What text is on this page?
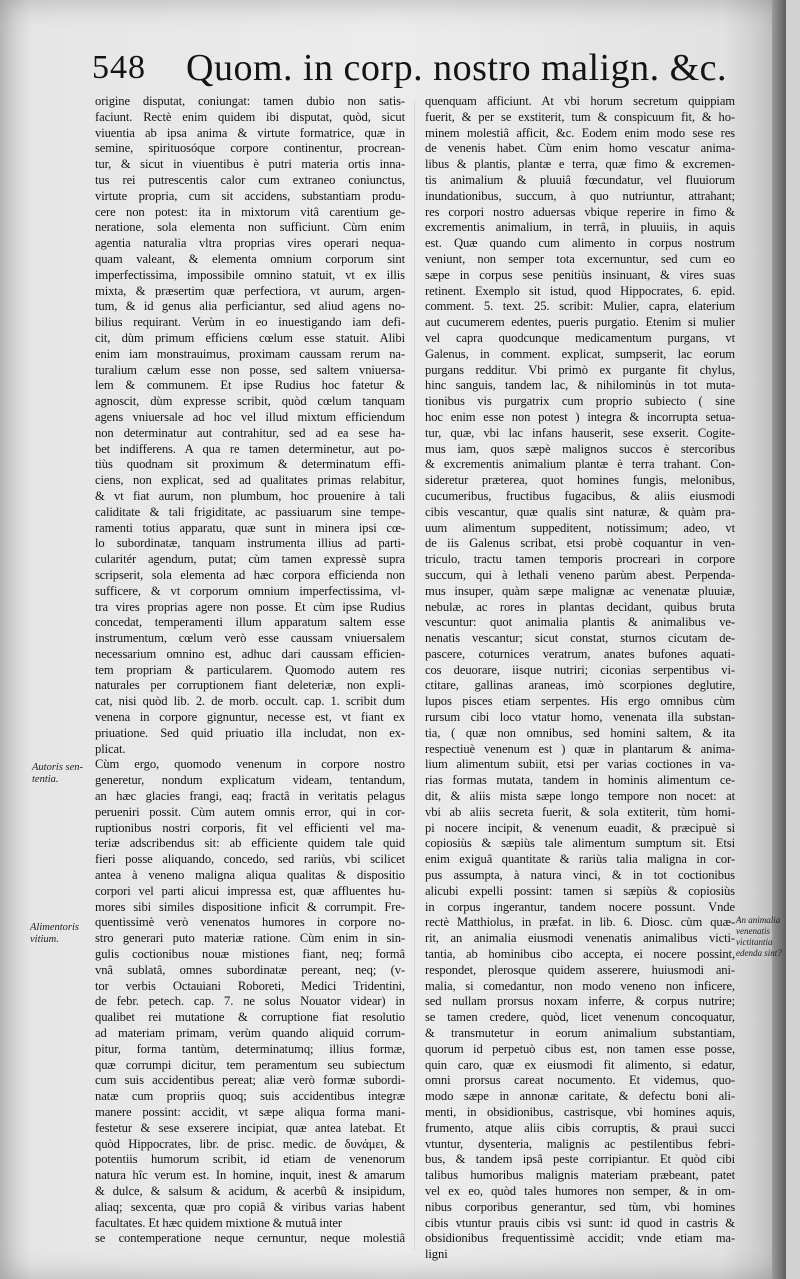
548 Quom. in corp. nostro malign. &c.
origine disputat, coniungat: tamen dubio non satis-
faciunt. Rectè enim quidem ibi disputat, quòd, sicut
viuentia ab ipsa anima & virtute formatrice, quæ in
semine, spirituosóque corpore continentur, procrean-
tur, & sicut in viuentibus è putri materia ortis inna-
tus rei putrescentis calor cum extraneo coniunctus,
virtute propria, cum sit accidens, substantiam produ-
cere non potest: ita in mixtorum vitâ carentium ge-
neratione, sola elementa non sufficiunt. Cùm enim
agentia naturalia vltra proprias vires operari nequa-
quam valeant, & elementa omnium corporum sint
imperfectissima, impossibile omnino statuit, vt ex illis
mixta, & præsertim quæ perfectiora, vt aurum, argen-
tum, & id genus alia perficiantur, sed aliud agens no-
bilius requirant. Verùm in eo inuestigando iam defi-
cit, dùm primum efficiens cœlum esse statuit. Alibi
enim iam monstrauimus, proximam caussam rerum na-
turalium cælum esse non posse, sed saltem vniuersa-
lem & communem. Et ipse Rudius hoc fatetur &
agnoscit, dùm expresse scribit, quòd cœlum tanquam
agens vniuersale ad hoc vel illud mixtum efficiendum
non determinatur aut contrahitur, sed ad ea sese ha-
bet indifferens. A qua re tamen determinetur, aut po-
tiùs quodnam sit proximum & determinatum effi-
ciens, non explicat, sed ad qualitates primas relabitur,
& vt fiat aurum, non plumbum, hoc prouenire à tali
caliditate & tali frigiditate, ac passiuarum sine tempe-
ramenti totius apparatu, quæ sunt in minera ipsi cœ-
lo subordinatæ, tanquam instrumenta illius ad parti-
cularitér agendum, putat; cùm tamen expressè supra
scripserit, sola elementa ad hæc corpora efficienda non
sufficere, & vt corporum omnium imperfectissima, vl-
tra vires proprias agere non posse. Et cùm ipse Rudius
concedat, temperamenti illum apparatum saltem esse
instrumentum, cœlum verò esse caussam vniuersalem
necessarium omnino est, adhuc dari caussam efficien-
tem propriam & particularem. Quomodo autem res
naturales per corruptionem fiant deleteriæ, non expli-
cat, nisi quòd lib. 2. de morb. occult. cap. 1. scribit dum
venena in corpore gignuntur, necesse est, vt fiant ex
priuatione. Sed quid priuatio illa includat, non ex-
plicat.
Cùm ergo, quomodo venenum in corpore nostro
generetur, nondum explicatum videam, tentandum,
an hæc glacies frangi, eaq; fractâ in veritatis pelagus
perueniri possit. Cùm autem omnis error, qui in cor-
ruptionibus nostri corporis, fit vel efficienti vel ma-
teriæ adscribendus sit: ab efficiente quidem tale quid
fieri posse aliquando, concedo, sed rariùs, vbi scilicet
antea à veneno maligna aliqua qualitas & dispositio
corpori vel parti alicui impressa est, quæ affluentes hu-
mores sibi similes dispositione inficit & corrumpit. Fre-
quentissimè verò venenatos humores in corpore no-
stro generari puto materiæ ratione. Cùm enim in sin-
gulis coctionibus nouæ mistiones fiant, neq; formâ
vnâ sublatâ, omnes subordinatæ pereant, neq; (v-
tor verbis Octauiani Roboreti, Medici Tridentini,
de febr. petech. cap. 7. ne solus Nouator videar) in
qualibet rei mutatione & corruptione fiat resolutio
ad materiam primam, verùm quando aliquid corrum-
pitur, forma tantùm, determinatumq; illius formæ,
quæ corrumpi dicitur, tem peramentum seu subiectum
cum suis accidentibus pereat; aliæ verò formæ subordi-
natæ cum propriis quoq; suis accidentibus integræ
manere possint: accidit, vt sæpe aliqua forma mani-
festetur & sese exserere incipiat, quæ antea latebat. Et
quòd Hippocrates, libr. de prisc. medic. de δυνάμει, &
potentiis humorum scribit, id etiam de venenorum
natura hîc verum est. In homine, inquit, inest & amarum
& dulce, & salsum & acidum, & acerbû & insipidum,
aliaq; sexcenta, quæ pro copiâ & viribus varias habent
facultates. Et hæc quidem mixtione & mutuâ inter
se contemperatione neque cernuntur, neque molestiâ
quenquam afficiunt. At vbi horum secretum quippiam
fuerit, & per se exstiterit, tum & conspicuum fit, & ho-
minem molestiâ afficit, &c. Eodem enim modo sese res
de venenis habet. Cùm enim homo vescatur anima-
libus & plantis, plantæ e terra, quæ fimo & excremen-
tis animalium & pluuiâ fœcundatur, vel fluuiorum
inundationibus, succum, à quo nutriuntur, attrahant;
res corpori nostro aduersas vbique reperire in fimo &
excrementis animalium, in terrâ, in pluuiis, in aquis
est. Quæ quando cum alimento in corpus nostrum
veniunt, non semper tota excernuntur, sed cum eo
sæpe in corpus sese penitiùs insinuant, & vires suas
retinent. Exemplo sit istud, quod Hippocrates, 6. epid.
comment. 5. text. 25. scribit: Mulier, capra, elaterium
aut cucumerem edentes, pueris purgatio. Etenim si mulier
vel capra quodcunque medicamentum purgans, vt
Galenus, in comment. explicat, sumpserit, lac eorum
purgans redditur. Vbi primò ex purgante fit chylus,
hinc sanguis, tandem lac, & nihilominùs in tot muta-
tionibus vis purgatrix cum proprio subiecto ( sine
hoc enim esse non potest ) integra & incorrupta setua-
tur, quæ, vbi lac infans hauserit, sese exserit. Cogite-
mus iam, quos sæpè malignos succos è stercoribus
& excrementis animalium plantæ è terra trahant. Con-
sideretur præterea, quot homines fungis, melonibus,
cucumeribus, fructibus fugacibus, & aliis eiusmodi
cibis vescantur, quæ qualis sint naturæ, & quàm pra-
uum alimentum suppeditent, notissimum; adeo, vt
de iis Galenus scribat, etsi probè coquantur in ven-
triculo, tractu tamen temporis procreari in corpore
succum, qui à lethali veneno parùm abest. Perpenda-
mus insuper, quàm sæpe malignæ ac venenatæ pluuiæ,
nebulæ, ac rores in plantas decidant, quibus bruta
vescuntur: quot animalia plantis & animalibus ve-
nenatis vescantur; sicut constat, sturnos cicutam de-
pascere, coturnices veratrum, anates bufones aquati-
cos deuorare, iisque nutriri; ciconias serpentibus vi-
ctitare, gallinas araneas, imò scorpiones deglutire,
lupos pisces etiam serpentes. His ergo omnibus cùm
rursum cibi loco vtatur homo, venenata illa substan-
tia, ( quæ non omnibus, sed homini saltem, & ita
respectiuè venenum est ) quæ in plantarum & anima-
lium alimentum subiit, etsi per varias coctiones in va-
rias formas mutata, tandem in hominis alimentum ce-
dit, & aliis mista sæpe longo tempore non nocet: at
vbi ab aliis secreta fuerit, & sola extiterit, tùm homi-
pi nocere incipit, & venenum euadit, & præcipuè si
copiosiùs & sæpiùs tale alimentum sumptum sit. Etsi
enim exiguâ quantitate & rariùs talia maligna in cor-
pus assumpta, à natura vinci, & in tot coctionibus
alicubi expelli possint: tamen si sæpiùs & copiosiùs
in corpus ingerantur, tandem nocere possunt. Vnde
rectè Matthiolus, in præfat. in lib. 6. Diosc. cùm quæ-
rit, an animalia eiusmodi venenatis animalibus victi-
tantia, ab hominibus cibo accepta, ei nocere possint,
respondet, plerosque quidem asserere, huiusmodi ani-
malia, si comedantur, non modo veneno non inficere,
sed nullam prorsus noxam inferre, & corpus nutrire;
se tamen credere, quòd, licet venenum concoquatur,
& transmutetur in eorum animalium substantiam,
quorum id perpetuò cibus est, non tamen esse posse,
quin caro, quæ ex eiusmodi fit alimento, si edatur,
omni prorsus careat nocumento. Et videmus, quo-
modo sæpe in annonæ caritate, & defectu boni ali-
menti, in obsidionibus, castrisque, vbi homines aquis,
frumento, atque aliis cibis corruptis, & prauì succi
vtuntur, dysenteria, malignis ac pestilentibus febri-
bus, & tandem ipsâ peste corripiantur. Et quòd cibi
talibus humoribus malignis materiam præbeant, patet
vel ex eo, quòd tales humores non semper, & in om-
nibus corporibus generantur, sed tùm, vbi homines
cibis vtuntur prauis cibis vsi sunt: id quod in castris &
obsidionibus frequentissimè accidit; vnde etiam ma-
ligni
Autoris sen-
tentia.
Alimentoris
vitium.
An animalia
venenatis
victitantia
edenda sint?
